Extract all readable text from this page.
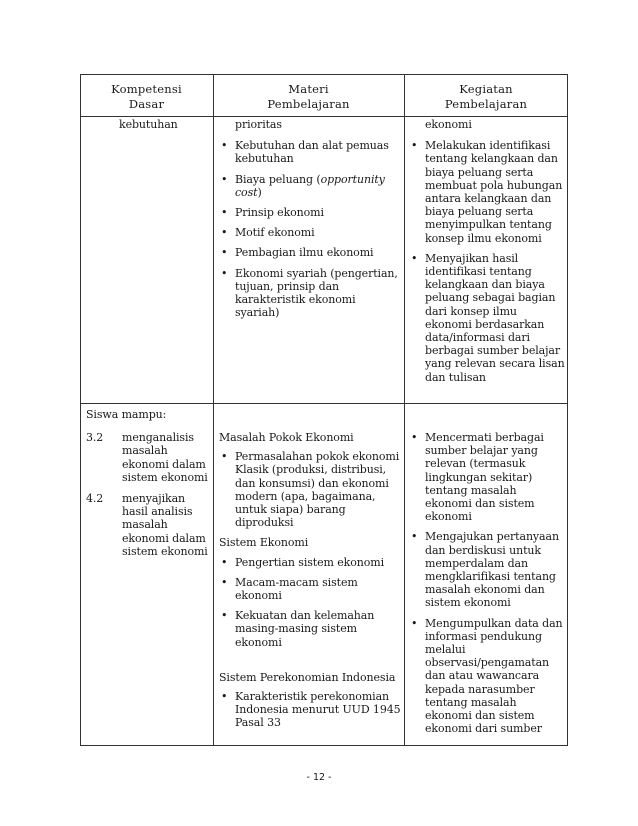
Kompetensi
Dasar
Materi
Pembelajaran
Kegiatan
Pembelajaran
kebutuhan	prioritas
• Kebutuhan dan alat pemuas kebutuhan
• Biaya peluang (opportunity cost)
• Prinsip ekonomi
• Motif ekonomi
• Pembagian ilmu ekonomi
• Ekonomi syariah (pengertian, tujuan, prinsip dan karakteristik ekonomi syariah)
ekonomi
• Melakukan identifikasi tentang kelangkaan dan biaya peluang serta membuat pola hubungan antara kelangkaan dan biaya peluang serta menyimpulkan tentang konsep ilmu ekonomi
• Menyajikan hasil identifikasi tentang kelangkaan dan biaya peluang sebagai bagian dari konsep ilmu ekonomi berdasarkan data/informasi dari berbagai sumber belajar yang relevan secara lisan dan tulisan
Siswa mampu:
3.2 menganalisis masalah ekonomi dalam sistem ekonomi
4.2 menyajikan hasil analisis masalah ekonomi dalam sistem ekonomi
Masalah Pokok Ekonomi
• Permasalahan pokok ekonomi Klasik (produksi, distribusi, dan konsumsi) dan ekonomi modern (apa, bagaimana, untuk siapa) barang diproduksi
Sistem Ekonomi
• Pengertian sistem ekonomi
• Macam-macam sistem ekonomi
• Kekuatan dan kelemahan masing-masing sistem ekonomi
Sistem Perekonomian Indonesia
• Karakteristik perekonomian Indonesia menurut UUD 1945 Pasal 33
• Mencermati berbagai sumber belajar yang relevan (termasuk lingkungan sekitar) tentang masalah ekonomi dan sistem ekonomi
• Mengajukan pertanyaan dan berdiskusi untuk memperdalam dan mengklarifikasi tentang masalah ekonomi dan sistem ekonomi
• Mengumpulkan data dan informasi pendukung melalui observasi/pengamatan dan atau wawancara kepada narasumber tentang masalah ekonomi dan sistem ekonomi dari sumber
- 12 -
